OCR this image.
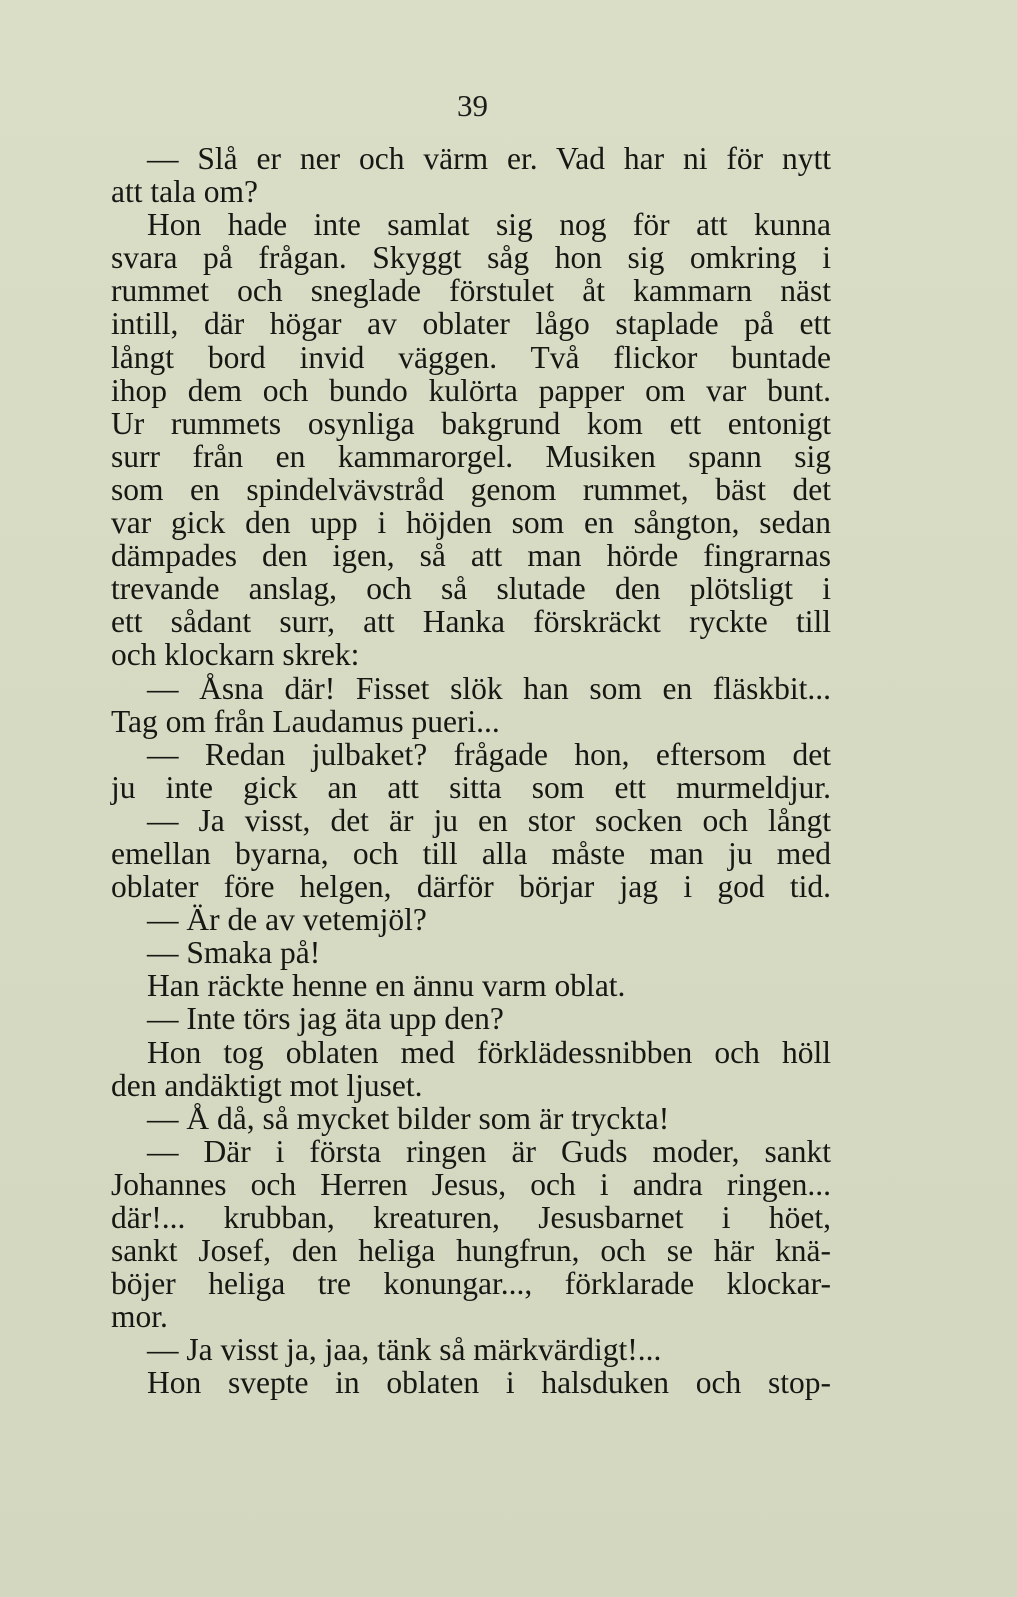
39
— Slå er ner och värm er. Vad har ni för nytt
att tala om?
Hon hade inte samlat sig nog för att kunna
svara på frågan. Skyggt såg hon sig omkring i
rummet och sneglade förstulet åt kammarn näst
intill, där högar av oblater lågo staplade på ett
långt bord invid väggen. Två flickor buntade
ihop dem och bundo kulörta papper om var bunt.
Ur rummets osynliga bakgrund kom ett entonigt
surr från en kammarorgel. Musiken spann sig
som en spindelvävstråd genom rummet, bäst det
var gick den upp i höjden som en sångton, sedan
dämpades den igen, så att man hörde fingrarnas
trevande anslag, och så slutade den plötsligt i
ett sådant surr, att Hanka förskräckt ryckte till
och klockarn skrek:
— Åsna där! Fisset slök han som en fläskbit...
Tag om från Laudamus pueri...
— Redan julbaket? frågade hon, eftersom det
ju inte gick an att sitta som ett murmeldjur.
— Ja visst, det är ju en stor socken och långt
emellan byarna, och till alla måste man ju med
oblater före helgen, därför börjar jag i god tid.
— Är de av vetemjöl?
— Smaka på!
Han räckte henne en ännu varm oblat.
— Inte törs jag äta upp den?
Hon tog oblaten med förklädessnibben och höll
den andäktigt mot ljuset.
— Å då, så mycket bilder som är tryckta!
— Där i första ringen är Guds moder, sankt
Johannes och Herren Jesus, och i andra ringen...
där!... krubban, kreaturen, Jesusbarnet i höet,
sankt Josef, den heliga hungfrun, och se här knä-
böjer heliga tre konungar..., förklarade klockar-
mor.
— Ja visst ja, jaa, tänk så märkvärdigt!...
Hon svepte in oblaten i halsduken och stop-
